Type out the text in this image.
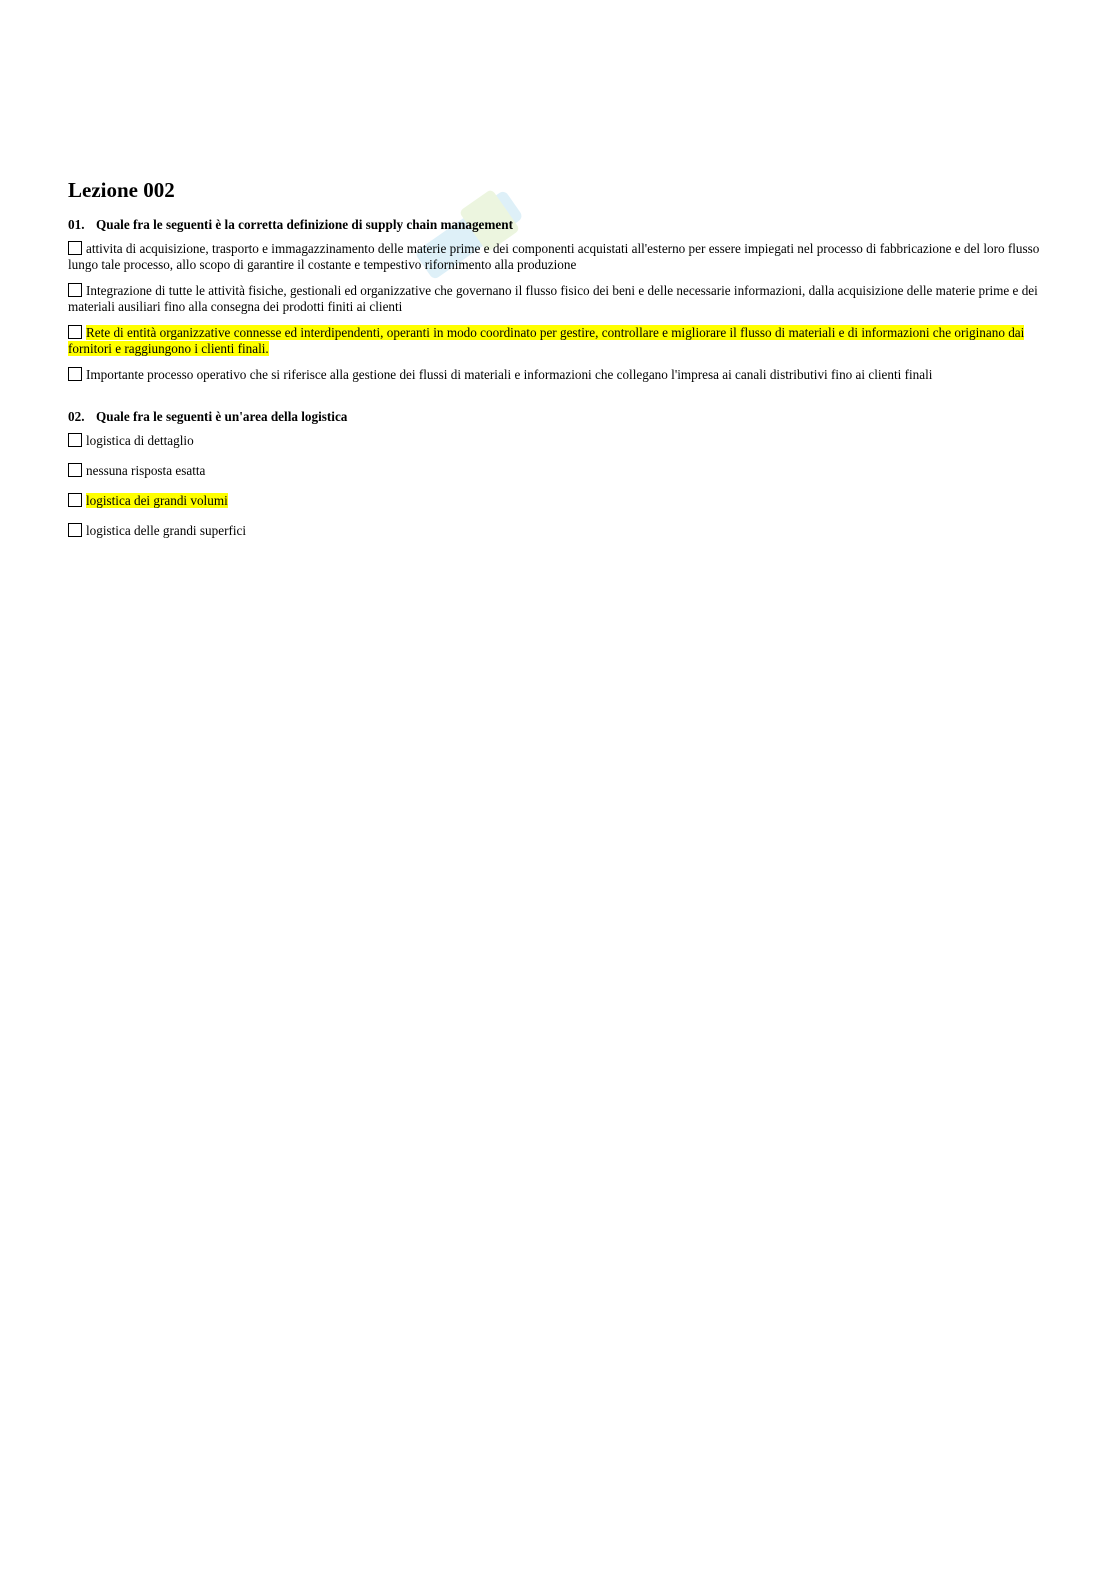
Lezione 002
01. Quale fra le seguenti è la corretta definizione di supply chain management
attivita di acquisizione, trasporto e immagazzinamento delle materie prime e dei componenti acquistati all'esterno per essere impiegati nel processo di fabbricazione e del loro flusso lungo tale processo, allo scopo di garantire il costante e tempestivo rifornimento alla produzione
Integrazione di tutte le attività fisiche, gestionali ed organizzative che governano il flusso fisico dei beni e delle necessarie informazioni, dalla acquisizione delle materie prime e dei materiali ausiliari fino alla consegna dei prodotti finiti ai clienti
Rete di entità organizzative connesse ed interdipendenti, operanti in modo coordinato per gestire, controllare e migliorare il flusso di materiali e di informazioni che originano dai fornitori e raggiungono i clienti finali.
Importante processo operativo che si riferisce alla gestione dei flussi di materiali e informazioni che collegano l'impresa ai canali distributivi fino ai clienti finali
02. Quale fra le seguenti è un'area della logistica
logistica di dettaglio
nessuna risposta esatta
logistica dei grandi volumi
logistica delle grandi superfici
